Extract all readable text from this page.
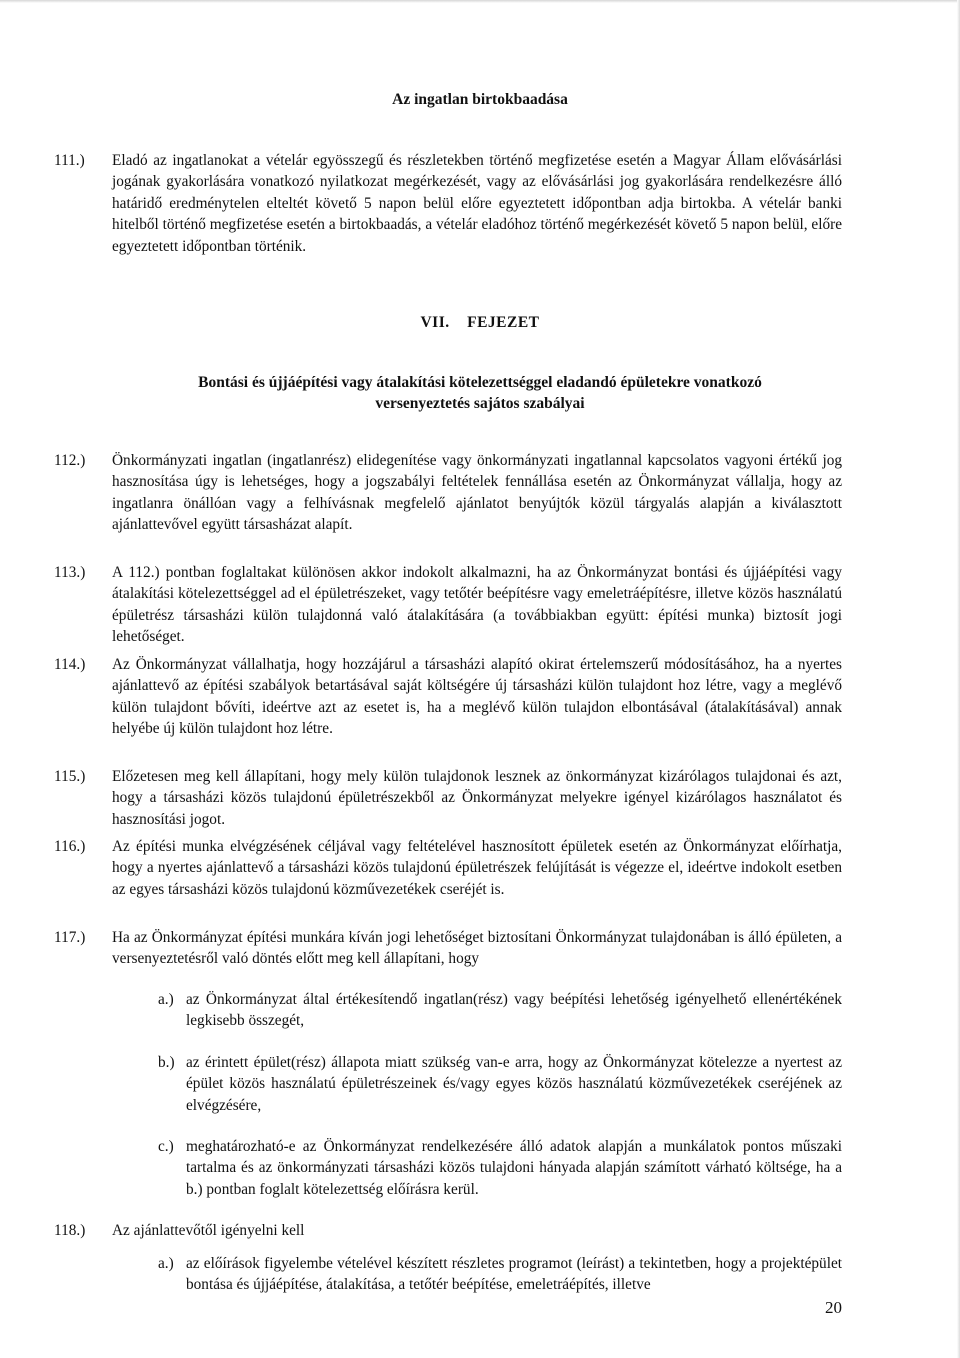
Az ingatlan birtokbaadása
111.) Eladó az ingatlanokat a vételár egyösszegű és részletekben történő megfizetése esetén a Magyar Állam elővásárlási jogának gyakorlására vonatkozó nyilatkozat megérkezését, vagy az elővásárlási jog gyakorlására rendelkezésre álló határidő eredménytelen elteltét követő 5 napon belül előre egyeztetett időpontban adja birtokba. A vételár banki hitelből történő megfizetése esetén a birtokbaadás, a vételár eladóhoz történő megérkezését követő 5 napon belül, előre egyeztetett időpontban történik.
VII.    FEJEZET
Bontási és újjáépítési vagy átalakítási kötelezettséggel eladandó épületekre vonatkozó
versenyeztetés sajátos szabályai
112.) Önkormányzati ingatlan (ingatlanrész) elidegenítése vagy önkormányzati ingatlannal kapcsolatos vagyoni értékű jog hasznosítása úgy is lehetséges, hogy a jogszabályi feltételek fennállása esetén az Önkormányzat vállalja, hogy az ingatlanra önállóan vagy a felhívásnak megfelelő ajánlatot benyújtók közül tárgyalás alapján a kiválasztott ajánlattevővel együtt társasházat alapít.
113.) A 112.) pontban foglaltakat különösen akkor indokolt alkalmazni, ha az Önkormányzat bontási és újjáépítési vagy átalakítási kötelezettséggel ad el épületrészeket, vagy tetőtér beépítésre vagy emeletráépítésre, illetve közös használatú épületrész társasházi külön tulajdonná való átalakítására (a továbbiakban együtt: építési munka) biztosít jogi lehetőséget.
114.) Az Önkormányzat vállalhatja, hogy hozzájárul a társasházi alapító okirat értelemszerű módosításához, ha a nyertes ajánlattevő az építési szabályok betartásával saját költségére új társasházi külön tulajdont hoz létre, vagy a meglévő külön tulajdont bővíti, ideértve azt az esetet is, ha a meglévő külön tulajdon elbontásával (átalakításával) annak helyébe új külön tulajdont hoz létre.
115.) Előzetesen meg kell állapítani, hogy mely külön tulajdonok lesznek az önkormányzat kizárólagos tulajdonai és azt, hogy a társasházi közös tulajdonú épületrészekből az Önkormányzat melyekre igényel kizárólagos használatot és hasznosítási jogot.
116.) Az építési munka elvégzésének céljával vagy feltételével hasznosított épületek esetén az Önkormányzat előírhatja, hogy a nyertes ajánlattevő a társasházi közös tulajdonú épületrészek felújítását is végezze el, ideértve indokolt esetben az egyes társasházi közös tulajdonú közművezetékek cseréjét is.
117.) Ha az Önkormányzat építési munkára kíván jogi lehetőséget biztosítani Önkormányzat tulajdonában is álló épületen, a versenyeztetésről való döntés előtt meg kell állapítani, hogy
a.) az Önkormányzat által értékesítendő ingatlan(rész) vagy beépítési lehetőség igényelhető ellenértékének legkisebb összegét,
b.) az érintett épület(rész) állapota miatt szükség van-e arra, hogy az Önkormányzat kötelezze a nyertest az épület közös használatú épületrészeinek és/vagy egyes közös használatú közművezetékek cseréjének az elvégzésére,
c.) meghatározható-e az Önkormányzat rendelkezésére álló adatok alapján a munkálatok pontos műszaki tartalma és az önkormányzati társasházi közös tulajdoni hányada alapján számított várható költsége, ha a b.) pontban foglalt kötelezettség előírásra kerül.
118.) Az ajánlattevőtől igényelni kell
a.) az előírások figyelembe vételével készített részletes programot (leírást) a tekintetben, hogy a projektépület bontása és újjáépítése, átalakítása, a tetőtér beépítése, emeletráépítés, illetve
20
